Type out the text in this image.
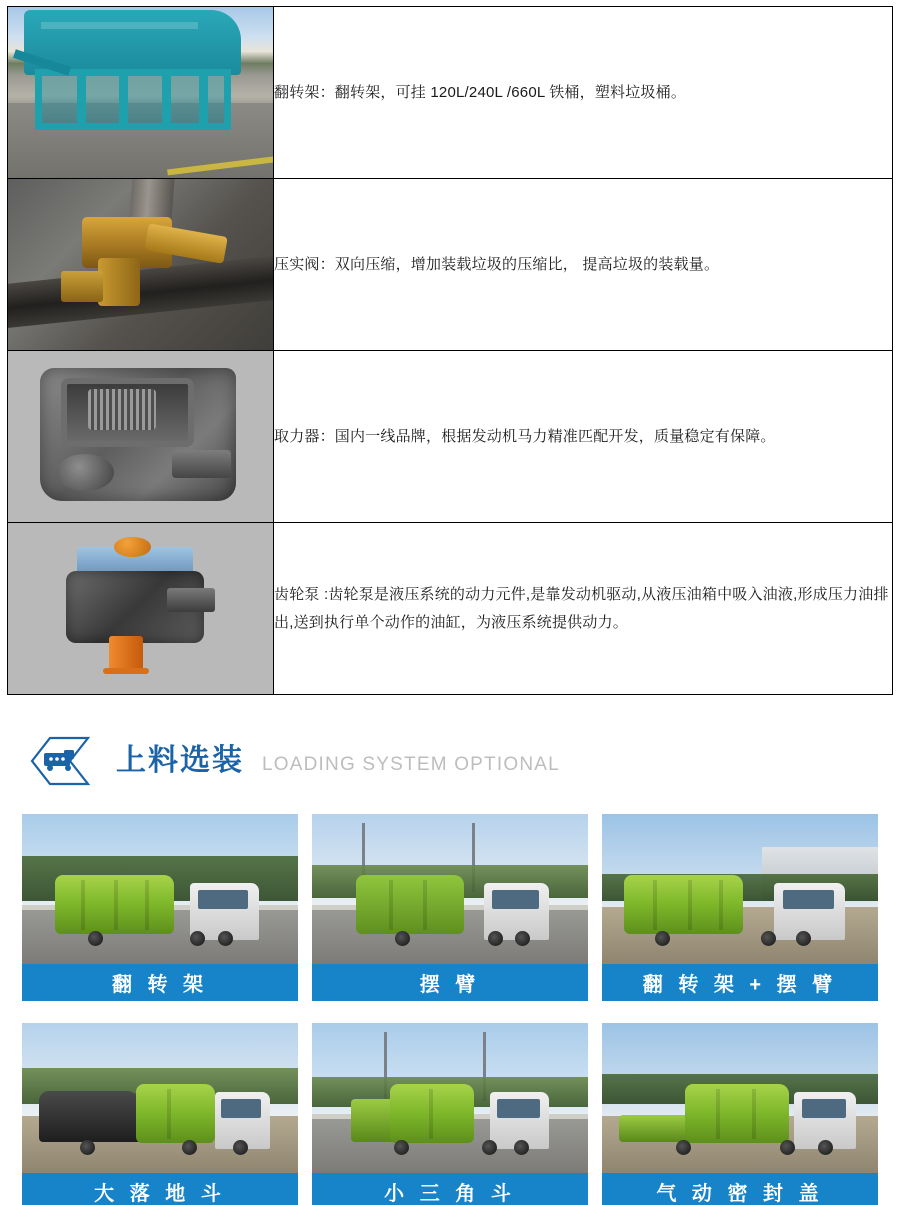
	翻转架：翻转架，可挂 120L/240L /660L 铁桶，塑料垃圾桶。

	压实阀：双向压缩，增加装载垃圾的压缩比， 提高垃圾的装载量。

	取力器：国内一线品牌，根据发动机马力精准匹配开发，质量稳定有保障。

	齿轮泵 :齿轮泵是液压系统的动力元件,是靠发动机驱动,从液压油箱中吸入油液,形成压力油排出,送到执行单个动作的油缸，为液压系统提供动力。
上料选装 LOADING SYSTEM OPTIONAL
翻 转 架	摆 臂	翻 转 架 + 摆 臂
大 落 地 斗	小 三 角 斗	气 动 密 封 盖
